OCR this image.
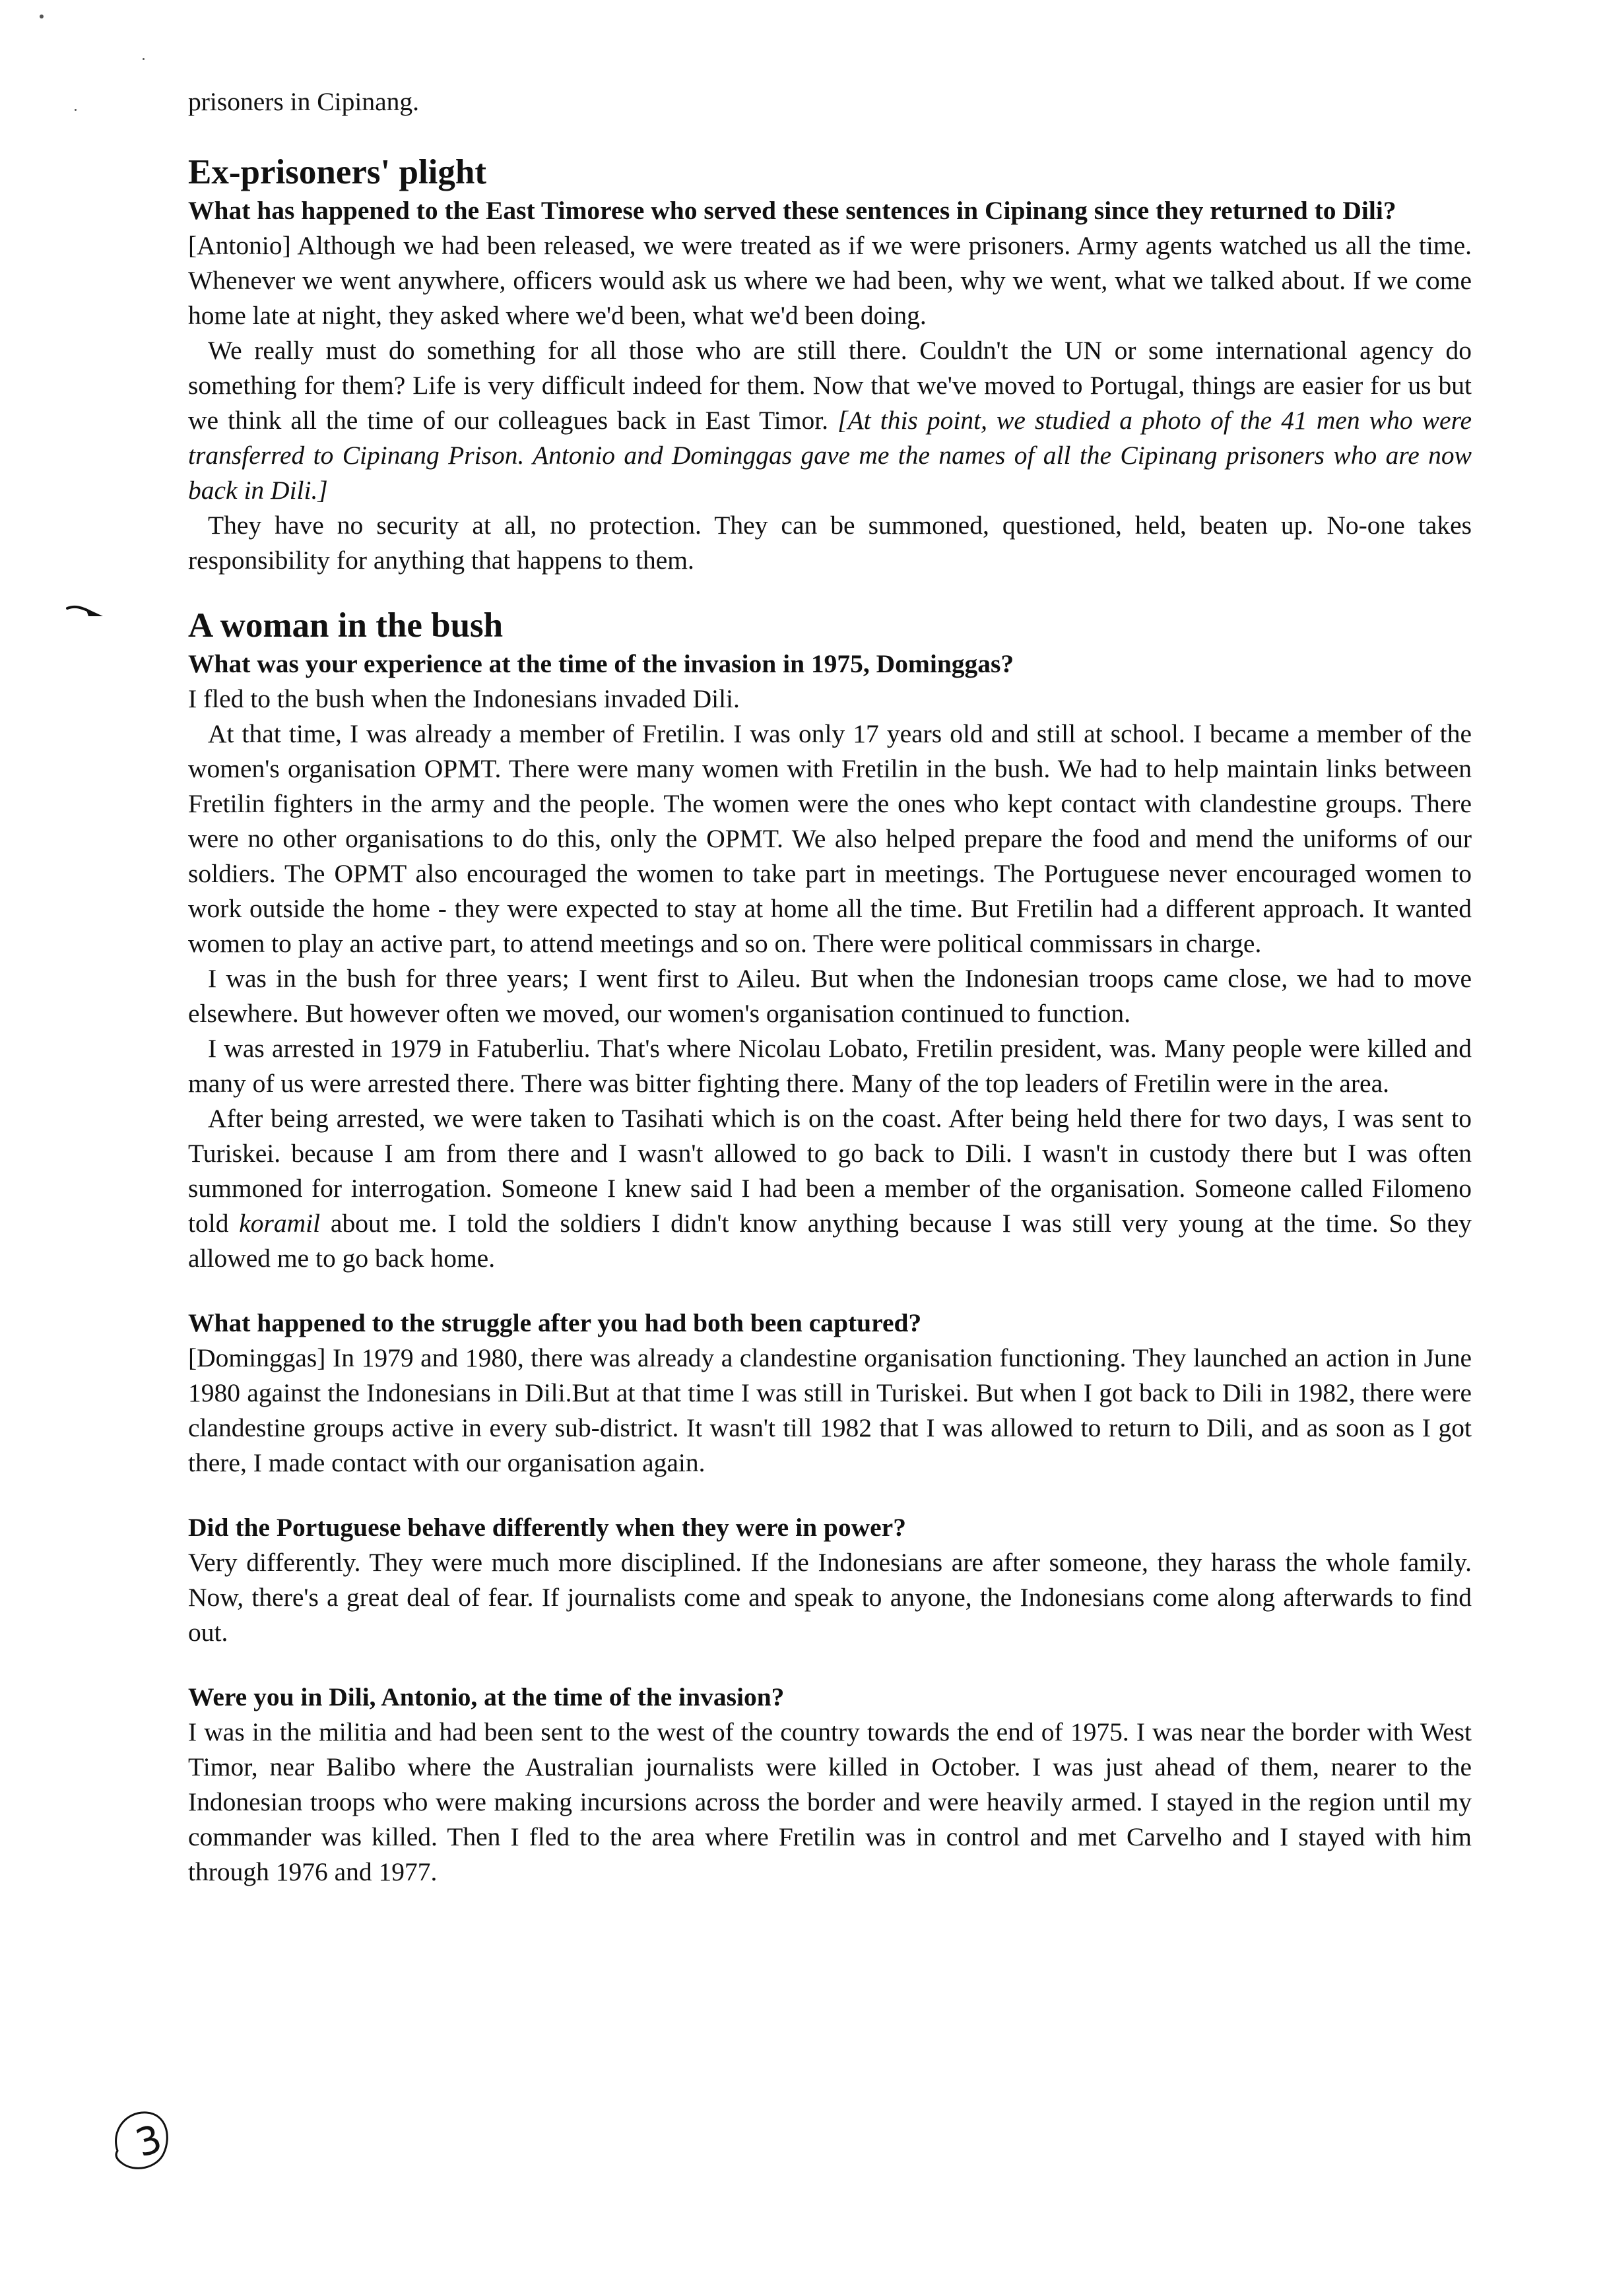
prisoners in Cipinang.

Ex-prisoners' plight

What has happened to the East Timorese who served these sentences in Cipinang since they returned to Dili?

[Antonio] Although we had been released, we were treated as if we were prisoners. Army agents watched us all the time. Whenever we went anywhere, officers would ask us where we had been, why we went, what we talked about. If we come home late at night, they asked where we'd been, what we'd been doing.

We really must do something for all those who are still there. Couldn't the UN or some international agency do something for them? Life is very difficult indeed for them. Now that we've moved to Portugal, things are easier for us but we think all the time of our colleagues back in East Timor. [At this point, we studied a photo of the 41 men who were transferred to Cipinang Prison. Antonio and Dominggas gave me the names of all the Cipinang prisoners who are now back in Dili.]

They have no security at all, no protection. They can be summoned, questioned, held, beaten up. No-one takes responsibility for anything that happens to them.

A woman in the bush

What was your experience at the time of the invasion in 1975, Dominggas?

I fled to the bush when the Indonesians invaded Dili.

At that time, I was already a member of Fretilin. I was only 17 years old and still at school. I became a member of the women's organisation OPMT. There were many women with Fretilin in the bush. We had to help maintain links between Fretilin fighters in the army and the people. The women were the ones who kept contact with clandestine groups. There were no other organisations to do this, only the OPMT. We also helped prepare the food and mend the uniforms of our soldiers. The OPMT also encouraged the women to take part in meetings. The Portuguese never encouraged women to work outside the home - they were expected to stay at home all the time. But Fretilin had a different approach. It wanted women to play an active part, to attend meetings and so on. There were political commissars in charge.

I was in the bush for three years; I went first to Aileu. But when the Indonesian troops came close, we had to move elsewhere. But however often we moved, our women's organisation continued to function.

I was arrested in 1979 in Fatuberliu. That's where Nicolau Lobato, Fretilin president, was. Many people were killed and many of us were arrested there. There was bitter fighting there. Many of the top leaders of Fretilin were in the area.

After being arrested, we were taken to Tasihati which is on the coast. After being held there for two days, I was sent to Turiskei. because I am from there and I wasn't allowed to go back to Dili. I wasn't in custody there but I was often summoned for interrogation. Someone I knew said I had been a member of the organisation. Someone called Filomeno told koramil about me. I told the soldiers I didn't know anything because I was still very young at the time. So they allowed me to go back home.

What happened to the struggle after you had both been captured?

[Dominggas] In 1979 and 1980, there was already a clandestine organisation functioning. They launched an action in June 1980 against the Indonesians in Dili.But at that time I was still in Turiskei. But when I got back to Dili in 1982, there were clandestine groups active in every sub-district. It wasn't till 1982 that I was allowed to return to Dili, and as soon as I got there, I made contact with our organisation again.

Did the Portuguese behave differently when they were in power?

Very differently. They were much more disciplined. If the Indonesians are after someone, they harass the whole family. Now, there's a great deal of fear. If journalists come and speak to anyone, the Indonesians come along afterwards to find out.

Were you in Dili, Antonio, at the time of the invasion?

I was in the militia and had been sent to the west of the country towards the end of 1975. I was near the border with West Timor, near Balibo where the Australian journalists were killed in October. I was just ahead of them, nearer to the Indonesian troops who were making incursions across the border and were heavily armed. I stayed in the region until my commander was killed. Then I fled to the area where Fretilin was in control and met Carvelho and I stayed with him through 1976 and 1977.

3
